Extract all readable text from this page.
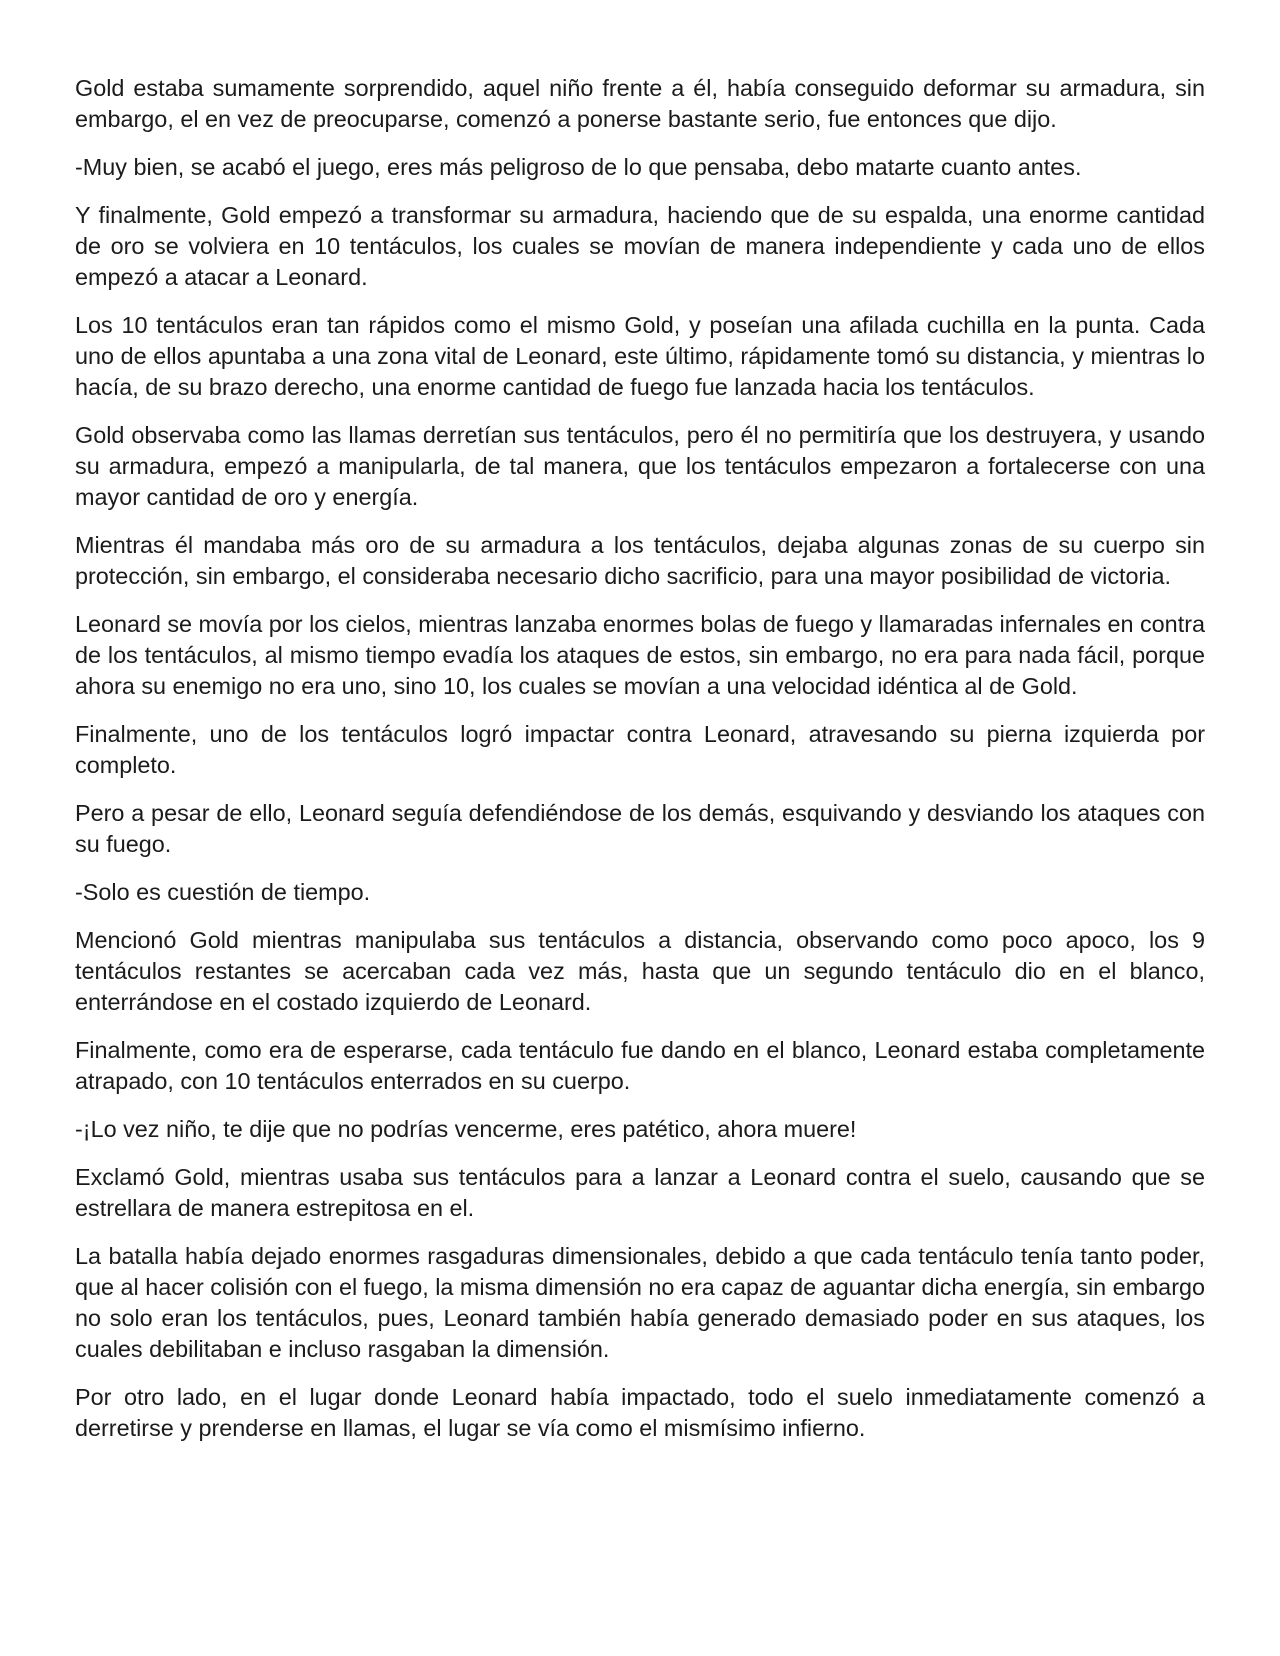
Gold estaba sumamente sorprendido, aquel niño frente a él, había conseguido deformar su armadura, sin embargo, el en vez de preocuparse, comenzó a ponerse bastante serio, fue entonces que dijo.

-Muy bien, se acabó el juego, eres más peligroso de lo que pensaba, debo matarte cuanto antes.

Y finalmente, Gold empezó a transformar su armadura, haciendo que de su espalda, una enorme cantidad de oro se volviera en 10 tentáculos, los cuales se movían de manera independiente y cada uno de ellos empezó a atacar a Leonard.

Los 10 tentáculos eran tan rápidos como el mismo Gold, y poseían una afilada cuchilla en la punta. Cada uno de ellos apuntaba a una zona vital de Leonard, este último, rápidamente tomó su distancia, y mientras lo hacía, de su brazo derecho, una enorme cantidad de fuego fue lanzada hacia los tentáculos.

Gold observaba como las llamas derretían sus tentáculos, pero él no permitiría que los destruyera, y usando su armadura, empezó a manipularla, de tal manera, que los tentáculos empezaron a fortalecerse con una mayor cantidad de oro y energía.

Mientras él mandaba más oro de su armadura a los tentáculos, dejaba algunas zonas de su cuerpo sin protección, sin embargo, el consideraba necesario dicho sacrificio, para una mayor posibilidad de victoria.

Leonard se movía por los cielos, mientras lanzaba enormes bolas de fuego y llamaradas infernales en contra de los tentáculos, al mismo tiempo evadía los ataques de estos, sin embargo, no era para nada fácil, porque ahora su enemigo no era uno, sino 10, los cuales se movían a una velocidad idéntica al de Gold.

Finalmente, uno de los tentáculos logró impactar contra Leonard, atravesando su pierna izquierda por completo.

Pero a pesar de ello, Leonard seguía defendiéndose de los demás, esquivando y desviando los ataques con su fuego.

-Solo es cuestión de tiempo.

Mencionó Gold mientras manipulaba sus tentáculos a distancia, observando como poco apoco, los 9 tentáculos restantes se acercaban cada vez más, hasta que un segundo tentáculo dio en el blanco, enterrándose en el costado izquierdo de Leonard.

Finalmente, como era de esperarse, cada tentáculo fue dando en el blanco, Leonard estaba completamente atrapado, con 10 tentáculos enterrados en su cuerpo.

-¡Lo vez niño, te dije que no podrías vencerme, eres patético, ahora muere!

Exclamó Gold, mientras usaba sus tentáculos para a lanzar a Leonard contra el suelo, causando que se estrellara de manera estrepitosa en el.

La batalla había dejado enormes rasgaduras dimensionales, debido a que cada tentáculo tenía tanto poder, que al hacer colisión con el fuego, la misma dimensión no era capaz de aguantar dicha energía, sin embargo no solo eran los tentáculos, pues, Leonard también había generado demasiado poder en sus ataques, los cuales debilitaban e incluso rasgaban la dimensión.

Por otro lado, en el lugar donde Leonard había impactado, todo el suelo inmediatamente comenzó a derretirse y prenderse en llamas, el lugar se vía como el mismísimo infierno.
